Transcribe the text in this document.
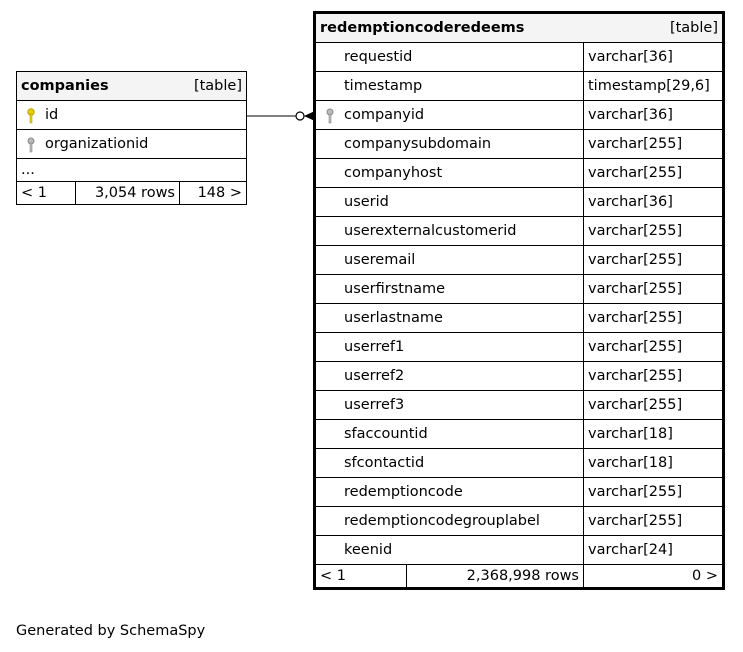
companies	[table]

id

organizationid
...
< 1	3,054 rows	148 >
redemptioncoderedeems [table]		

requestid		varchar[36]
timestamp		timestamp[29,6]

companyid		varchar[36]
companysubdomain		varchar[255]
companyhost		varchar[255]
userid		varchar[36]
userexternalcustomerid		varchar[255]
useremail		varchar[255]
userfirstname		varchar[255]
userlastname		varchar[255]
userref1		varchar[255]
userref2		varchar[255]
userref3		varchar[255]
sfaccountid		varchar[18]
sfcontactid		varchar[18]
redemptioncode		varchar[255]
redemptioncodegrouplabel		varchar[255]
keenid		varchar[24]
< 1	2,368,998 rows	0 >
Generated by SchemaSpy
